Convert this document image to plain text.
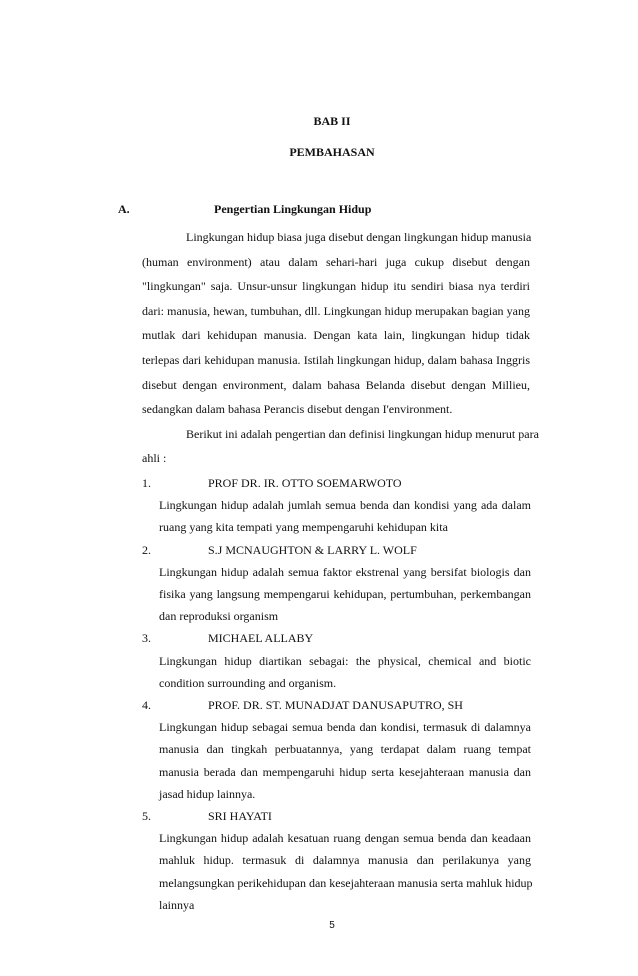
BAB II
PEMBAHASAN
A.	Pengertian Lingkungan Hidup
Lingkungan hidup biasa juga disebut dengan lingkungan hidup manusia
(human environment) atau dalam sehari-hari juga cukup disebut dengan
"lingkungan" saja. Unsur-unsur lingkungan hidup itu sendiri biasa nya terdiri
dari: manusia, hewan, tumbuhan, dll. Lingkungan hidup merupakan bagian yang
mutlak dari kehidupan manusia. Dengan kata lain, lingkungan hidup tidak
terlepas dari kehidupan manusia. Istilah lingkungan hidup, dalam bahasa Inggris
disebut dengan environment, dalam bahasa Belanda disebut dengan Millieu,
sedangkan dalam bahasa Perancis disebut dengan I'environment.
Berikut ini adalah pengertian dan definisi lingkungan hidup menurut para
ahli :
1.	PROF DR. IR. OTTO SOEMARWOTO
Lingkungan hidup adalah jumlah semua benda dan kondisi yang ada dalam
ruang yang kita tempati yang mempengaruhi kehidupan kita
2.	S.J MCNAUGHTON & LARRY L. WOLF
Lingkungan hidup adalah semua faktor ekstrenal yang bersifat biologis dan
fisika yang langsung mempengarui kehidupan, pertumbuhan, perkembangan
dan reproduksi organism
3.	MICHAEL ALLABY
Lingkungan hidup diartikan sebagai: the physical, chemical and biotic
condition surrounding and organism.
4.	PROF. DR. ST. MUNADJAT DANUSAPUTRO, SH
Lingkungan hidup sebagai semua benda dan kondisi, termasuk di dalamnya
manusia dan tingkah perbuatannya, yang terdapat dalam ruang tempat
manusia berada dan mempengaruhi hidup serta kesejahteraan manusia dan
jasad hidup lainnya.
5.	SRI HAYATI
Lingkungan hidup adalah kesatuan ruang dengan semua benda dan keadaan
mahluk hidup. termasuk di dalamnya manusia dan perilakunya yang
melangsungkan perikehidupan dan kesejahteraan manusia serta mahluk hidup
lainnya
5
